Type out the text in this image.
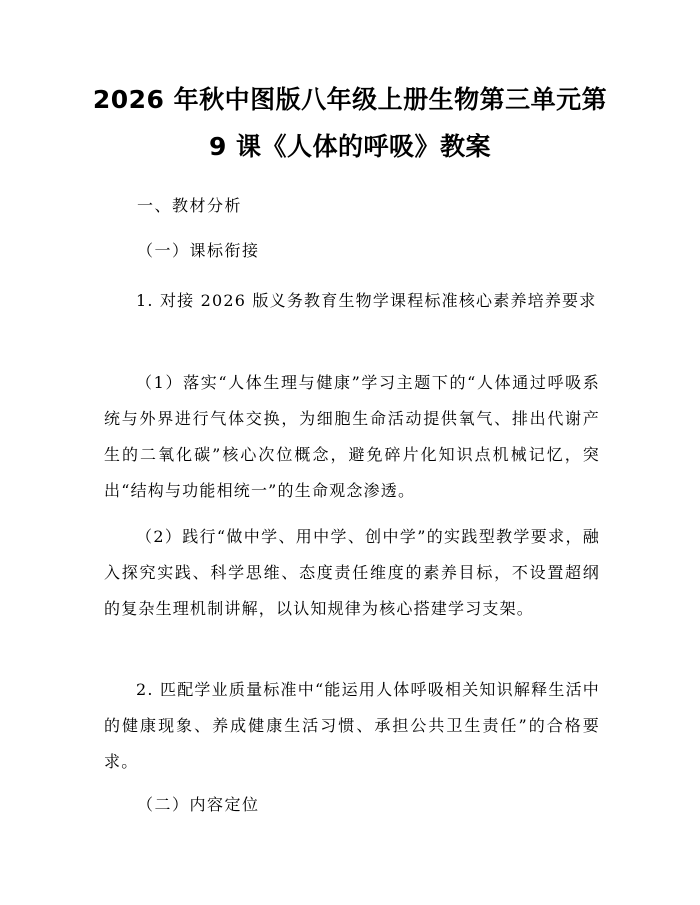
2026 年秋中图版八年级上册生物第三单元第
9 课《人体的呼吸》教案
一、教材分析
（一）课标衔接
1. 对接 2026 版义务教育生物学课程标准核心素养培养要求
（1）落实“人体生理与健康”学习主题下的“人体通过呼吸系统与外界进行气体交换，为细胞生命活动提供氧气、排出代谢产生的二氧化碳”核心次位概念，避免碎片化知识点机械记忆，突出“结构与功能相统一”的生命观念渗透。
（2）践行“做中学、用中学、创中学”的实践型教学要求，融入探究实践、科学思维、态度责任维度的素养目标，不设置超纲的复杂生理机制讲解，以认知规律为核心搭建学习支架。
2. 匹配学业质量标准中“能运用人体呼吸相关知识解释生活中的健康现象、养成健康生活习惯、承担公共卫生责任”的合格要求。
（二）内容定位
